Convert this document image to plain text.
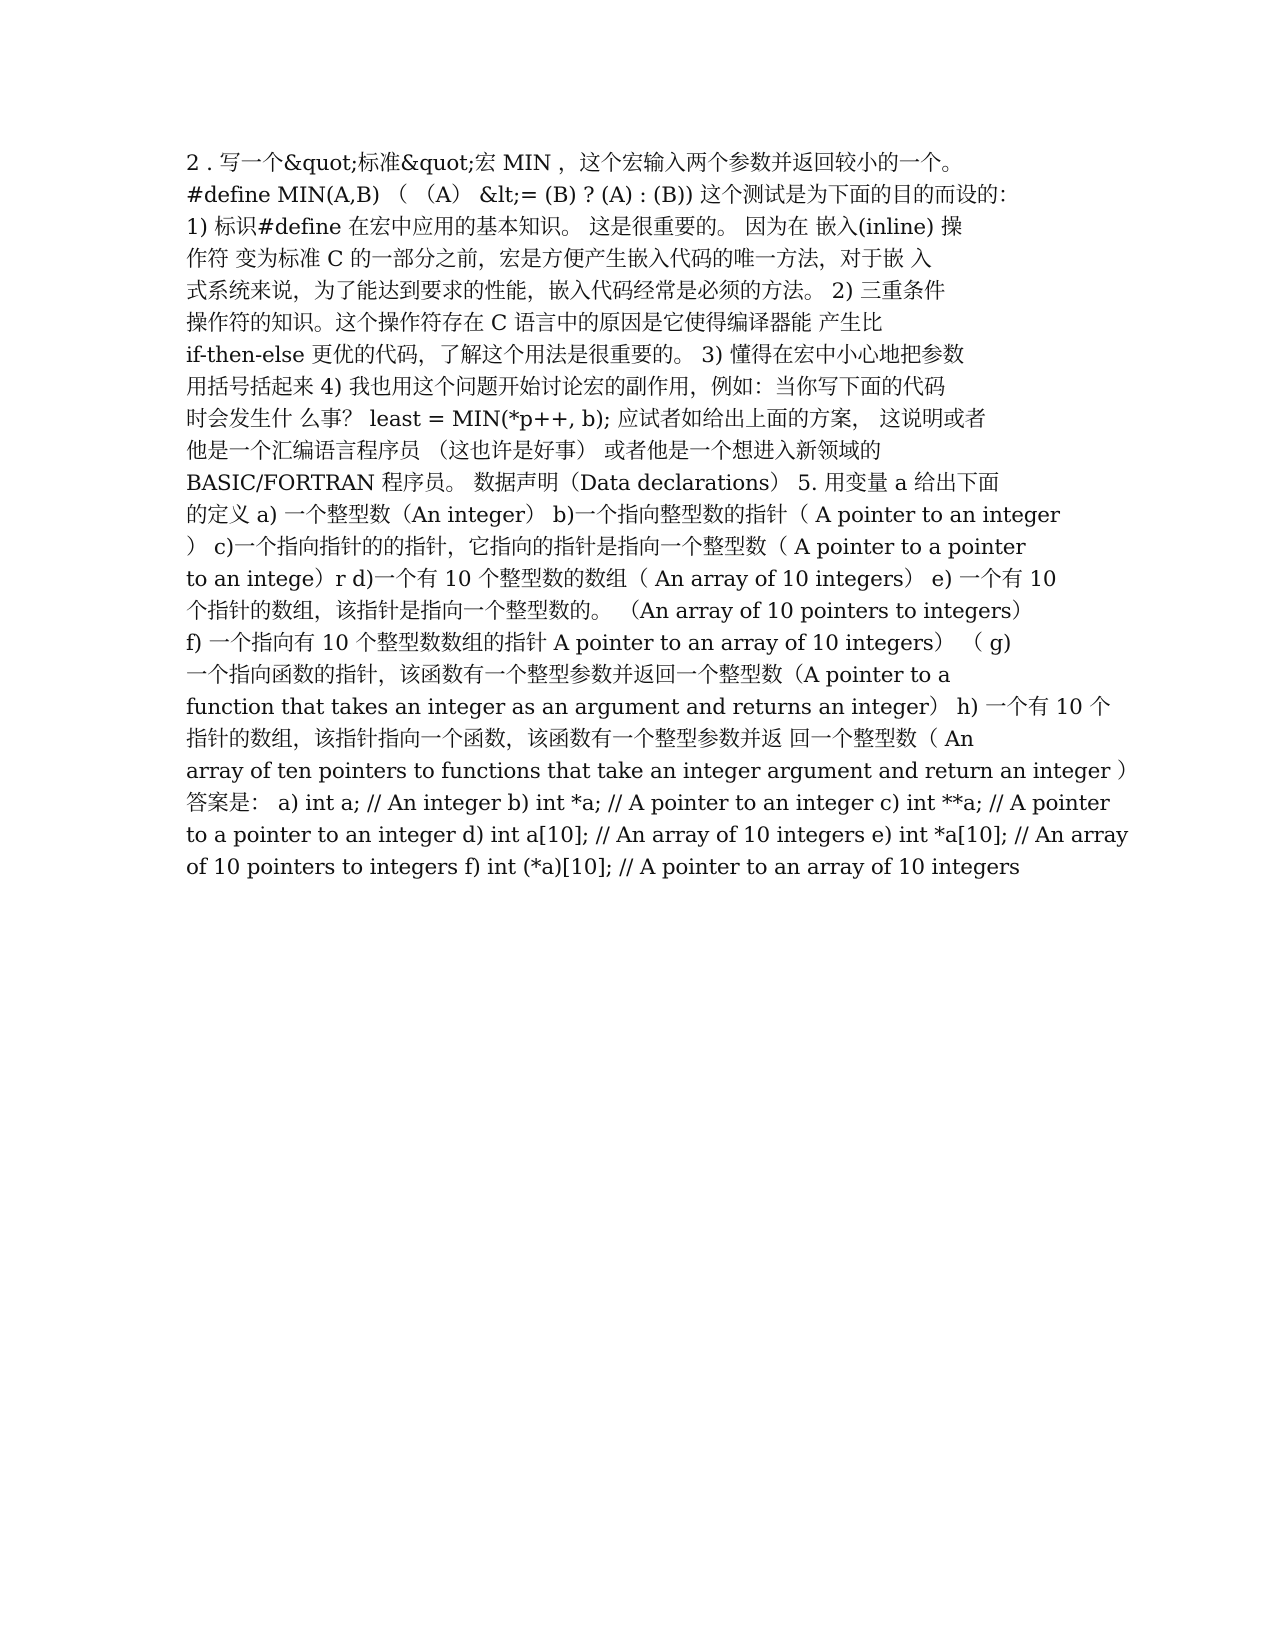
2 . 写一个&quot;标准&quot;宏 MIN ，这个宏输入两个参数并返回较小的一个。
#define MIN(A,B) （ （A） &lt;= (B) ? (A) : (B)) 这个测试是为下面的目的而设的：
1) 标识#define 在宏中应用的基本知识。 这是很重要的。 因为在 嵌入(inline) 操
作符 变为标准 C 的一部分之前，宏是方便产生嵌入代码的唯一方法，对于嵌 入
式系统来说，为了能达到要求的性能，嵌入代码经常是必须的方法。 2) 三重条件
操作符的知识。这个操作符存在 C 语言中的原因是它使得编译器能 产生比
if-then-else 更优的代码，了解这个用法是很重要的。 3) 懂得在宏中小心地把参数
用括号括起来 4) 我也用这个问题开始讨论宏的副作用，例如：当你写下面的代码
时会发生什 么事？ least = MIN(*p++, b); 应试者如给出上面的方案， 这说明或者
他是一个汇编语言程序员 （这也许是好事） 或者他是一个想进入新领域的
BASIC/FORTRAN 程序员。 数据声明（Data declarations） 5. 用变量 a 给出下面
的定义 a) 一个整型数（An integer） b)一个指向整型数的指针（ A pointer to an integer
） c)一个指向指针的的指针，它指向的指针是指向一个整型数（ A pointer to a pointer
to an intege）r d)一个有 10 个整型数的数组（ An array of 10 integers） e) 一个有 10
个指针的数组，该指针是指向一个整型数的。 （An array of 10 pointers to integers）
f) 一个指向有 10 个整型数数组的指针 A pointer to an array of 10 integers） （ g)
一个指向函数的指针，该函数有一个整型参数并返回一个整型数（A pointer to a
function that takes an integer as an argument and returns an integer） h) 一个有 10 个
指针的数组，该指针指向一个函数，该函数有一个整型参数并返 回一个整型数（ An
array of ten pointers to functions that take an integer argument and return an integer ）
答案是： a) int a; // An integer b) int *a; // A pointer to an integer c) int **a; // A pointer
to a pointer to an integer d) int a[10]; // An array of 10 integers e) int *a[10]; // An array
of 10 pointers to integers f) int (*a)[10]; // A pointer to an array of 10 integers
